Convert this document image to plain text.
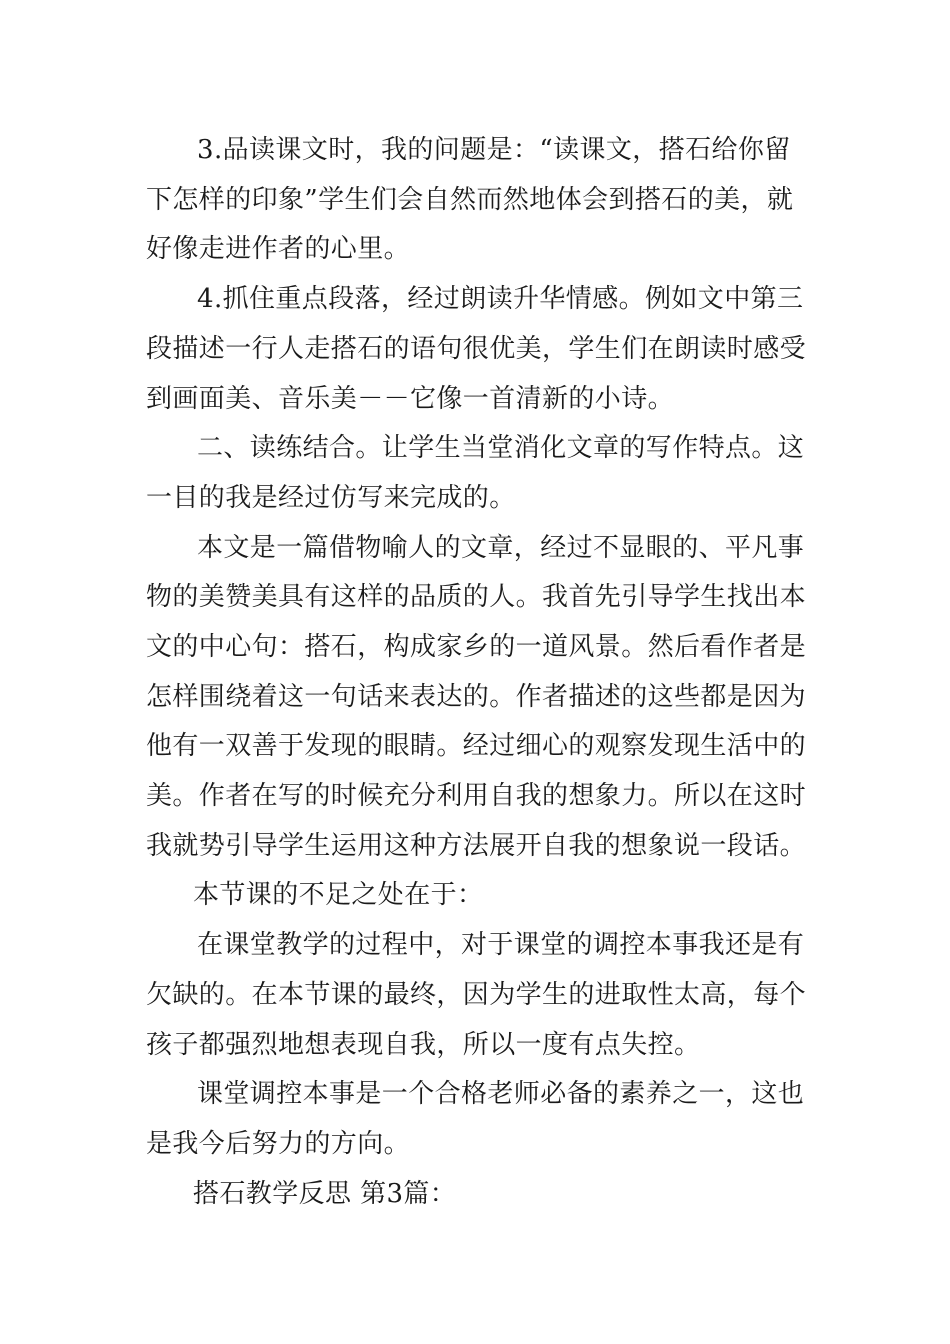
3.品读课文时，我的问题是：“读课文，搭石给你留
下怎样的印象”学生们会自然而然地体会到搭石的美，就
好像走进作者的心里。
4.抓住重点段落，经过朗读升华情感。例如文中第三
段描述一行人走搭石的语句很优美，学生们在朗读时感受
到画面美、音乐美－－它像一首清新的小诗。
二、读练结合。让学生当堂消化文章的写作特点。这
一目的我是经过仿写来完成的。
本文是一篇借物喻人的文章，经过不显眼的、平凡事
物的美赞美具有这样的品质的人。我首先引导学生找出本
文的中心句：搭石，构成家乡的一道风景。然后看作者是
怎样围绕着这一句话来表达的。作者描述的这些都是因为
他有一双善于发现的眼睛。经过细心的观察发现生活中的
美。作者在写的时候充分利用自我的想象力。所以在这时
我就势引导学生运用这种方法展开自我的想象说一段话。
本节课的不足之处在于：
在课堂教学的过程中，对于课堂的调控本事我还是有
欠缺的。在本节课的最终，因为学生的进取性太高，每个
孩子都强烈地想表现自我，所以一度有点失控。
课堂调控本事是一个合格老师必备的素养之一，这也
是我今后努力的方向。
搭石教学反思 第3篇：
